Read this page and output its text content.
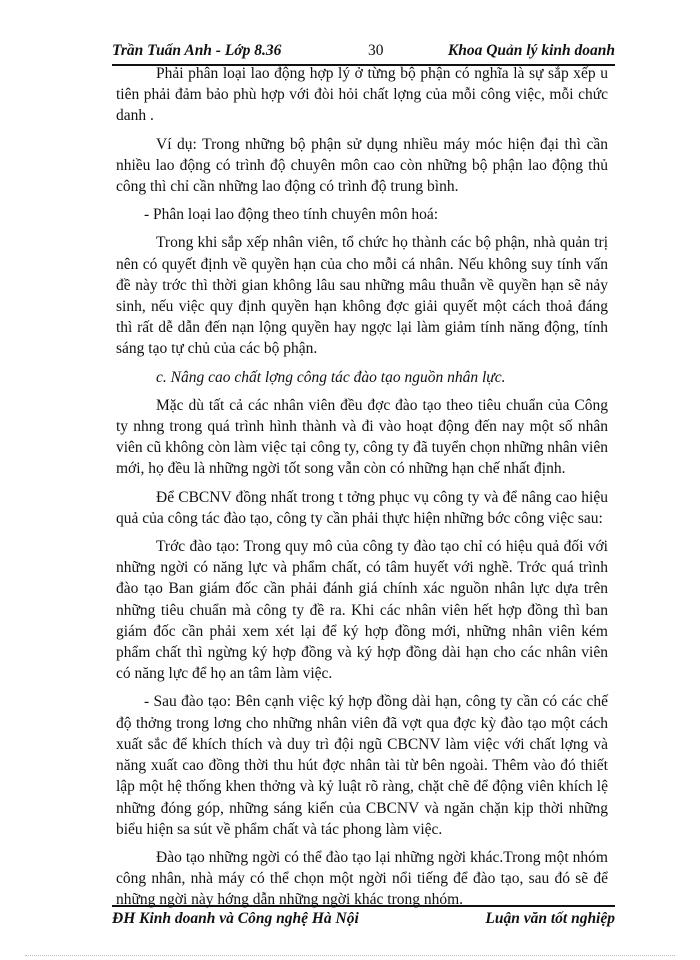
Trần Tuấn Anh - Lớp 8.36	30	Khoa Quản lý kinh doanh

Phải phân loại lao động hợp lý ở từng bộ phận có nghĩa là sự sắp xếp u tiên phải đảm bảo phù hợp với đòi hỏi chất lợng của mỗi công việc, mỗi chức danh .

Ví dụ: Trong những bộ phận sử dụng nhiều máy móc hiện đại thì cần nhiều lao động có trình độ chuyên môn cao còn những bộ phận lao động thủ công thì chỉ cần những lao động có trình độ trung bình.

- Phân loại lao động theo tính chuyên môn hoá:

Trong khi sắp xếp nhân viên, tổ chức họ thành các bộ phận, nhà quản trị nên có quyết định về quyền hạn của cho mỗi cá nhân. Nếu không suy tính vấn đề này trớc thì thời gian không lâu sau những mâu thuẫn về quyền hạn sẽ nảy sinh, nếu việc quy định quyền hạn không đợc giải quyết một cách thoả đáng thì rất dễ dẫn đến nạn lộng quyền hay ngợc lại làm giảm tính năng động, tính sáng tạo tự chủ của các bộ phận.

c. Nâng cao chất lợng công tác đào tạo nguồn nhân lực.

Mặc dù tất cả các nhân viên đều đợc đào tạo theo tiêu chuẩn của Công ty nhng trong quá trình hình thành và đi vào hoạt động đến nay một số nhân viên cũ không còn làm việc tại công ty, công ty đã tuyển chọn những nhân viên mới, họ đều là những ngời tốt song vẫn còn có những hạn chế nhất định.

Để CBCNV đồng nhất trong t tởng phục vụ công ty và để nâng cao hiệu quả của công tác đào tạo, công ty cần phải thực hiện những bớc công việc sau:

Trớc đào tạo: Trong quy mô của công ty đào tạo chỉ có hiệu quả đối với những ngời có năng lực và phẩm chất, có tâm huyết với nghề. Trớc quá trình đào tạo Ban giám đốc cần phải đánh giá chính xác nguồn nhân lực dựa trên những tiêu chuẩn mà công ty đề ra. Khi các nhân viên hết hợp đồng thì ban giám đốc cần phải xem xét lại để ký hợp đồng mới, những nhân viên kém phẩm chất thì ngừng ký hợp đồng và ký hợp đồng dài hạn cho các nhân viên có năng lực để họ an tâm làm việc.

- Sau đào tạo: Bên cạnh việc ký hợp đồng dài hạn, công ty cần có các chế độ thởng trong lơng cho những nhân viên đã vợt qua đợc kỳ đào tạo một cách xuất sắc để khích thích và duy trì đội ngũ CBCNV làm việc với chất lợng và năng xuất cao đồng thời thu hút đợc nhân tài từ bên ngoài. Thêm vào đó thiết lập một hệ thống khen thởng và kỷ luật rõ ràng, chặt chẽ để động viên khích lệ những đóng góp, những sáng kiến của CBCNV và ngăn chặn kịp thời những biểu hiện sa sút về phẩm chất và tác phong làm việc.

Đào tạo những ngời có thể đào tạo lại những ngời khác.Trong một nhóm công nhân, nhà máy có thể chọn một ngời nổi tiếng để đào tạo, sau đó sẽ để những ngời này hớng dẫn những ngời khác trong nhóm.

ĐH Kinh doanh và Công nghệ Hà Nội	Luận văn tốt nghiệp
